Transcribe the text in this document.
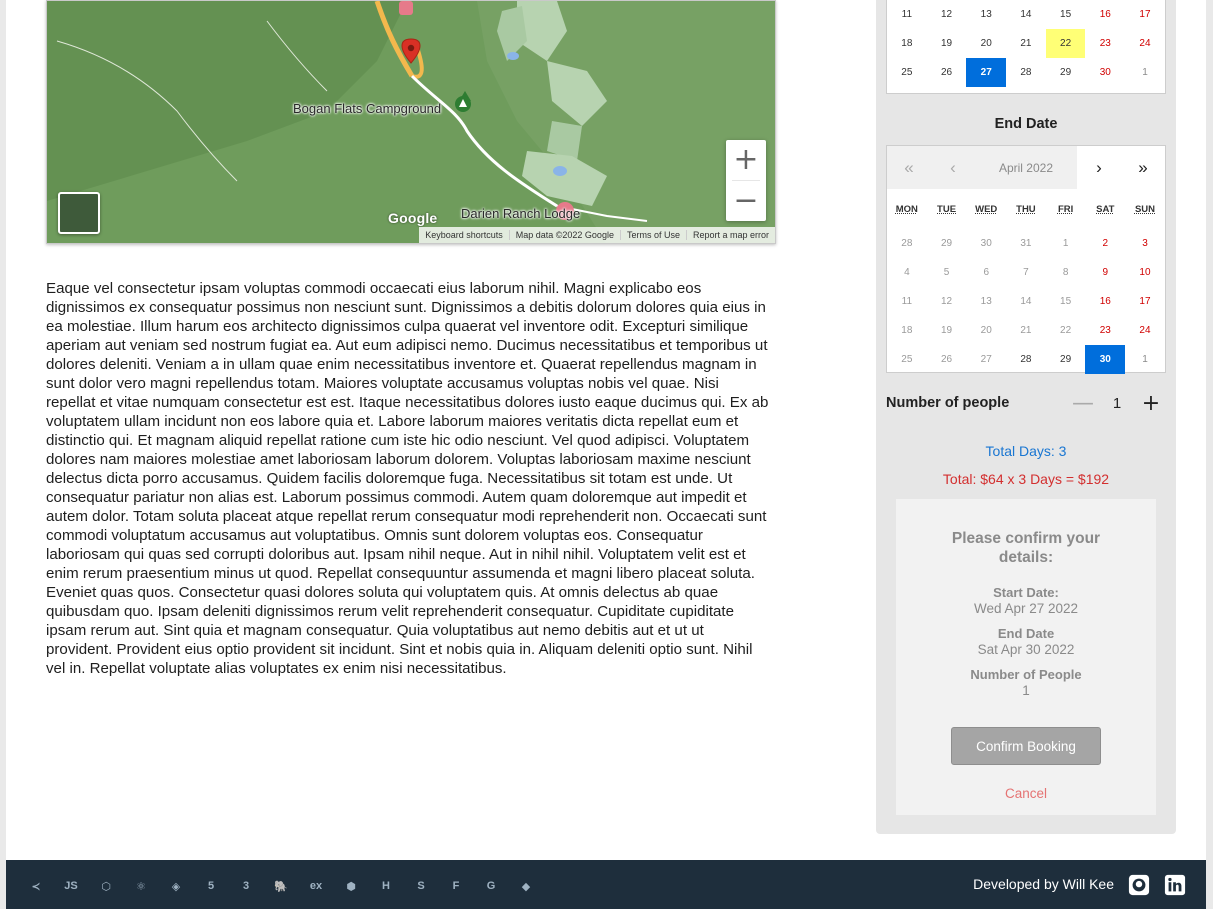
Bogan Flats Campground
Darien Ranch Lodge
+
−
Google
Keyboard shortcuts	Map data ©2022 Google	Terms of Use	Report a map error
Eaque vel consectetur ipsam voluptas commodi occaecati eius laborum nihil. Magni explicabo eos dignissimos ex consequatur possimus non nesciunt sunt. Dignissimos a debitis dolorum dolores quia eius in ea molestiae. Illum harum eos architecto dignissimos culpa quaerat vel inventore odit. Excepturi similique aperiam aut veniam sed nostrum fugiat ea. Aut eum adipisci nemo. Ducimus necessitatibus et temporibus ut dolores deleniti. Veniam a in ullam quae enim necessitatibus inventore et. Quaerat repellendus magnam in sunt dolor vero magni repellendus totam. Maiores voluptate accusamus voluptas nobis vel quae. Nisi repellat et vitae numquam consectetur est est. Itaque necessitatibus dolores iusto eaque ducimus qui. Ex ab voluptatem ullam incidunt non eos labore quia et. Labore laborum maiores veritatis dicta repellat eum et distinctio qui. Et magnam aliquid repellat ratione cum iste hic odio nesciunt. Vel quod adipisci. Voluptatem dolores nam maiores molestiae amet laboriosam laborum dolorem. Voluptas laboriosam maxime nesciunt delectus dicta porro accusamus. Quidem facilis doloremque fuga. Necessitatibus sit totam est unde. Ut consequatur pariatur non alias est. Laborum possimus commodi. Autem quam doloremque aut impedit et autem dolor. Totam soluta placeat atque repellat rerum consequatur modi reprehenderit non. Occaecati sunt commodi voluptatum accusamus aut voluptatibus. Omnis sunt dolorem voluptas eos. Consequatur laboriosam qui quas sed corrupti doloribus aut. Ipsam nihil neque. Aut in nihil nihil. Voluptatem velit est et enim rerum praesentium minus ut quod. Repellat consequuntur assumenda et magni libero placeat soluta. Eveniet quas quos. Consectetur quasi dolores soluta qui voluptatem quis. At omnis delectus ab quae quibusdam quo. Ipsam deleniti dignissimos rerum velit reprehenderit consequatur. Cupiditate cupiditate ipsam rerum aut. Sint quia et magnam consequatur. Quia voluptatibus aut nemo debitis aut et ut ut provident. Provident eius optio provident sit incidunt. Sint et nobis quia in. Aliquam deleniti optio sunt. Nihil vel in. Repellat voluptate alias voluptates ex enim nisi necessitatibus.
11	12	13	14	15	16	17
18	19	20	21	22	23	24
25	26	27	28	29	30	1
End Date
«	‹	April 2022	›	»
MON	TUE	WED	THU	FRI	SAT	SUN
28	29	30	31	1	2	3
4	5	6	7	8	9	10
11	12	13	14	15	16	17
18	19	20	21	22	23	24
25	26	27	28	29	30	1
Number of people	—	1 +
Total Days: 3
Total: $64 x 3 Days = $192
Please confirm your details:
Start Date:
Wed Apr 27 2022
End Date
Sat Apr 30 2022
Number of People
1
Confirm Booking
Cancel
≺	JS	⬡	⚛	◈	5	3	🐘	ex	⬢	H	S	F	G	◆	Developed by Will Kee
